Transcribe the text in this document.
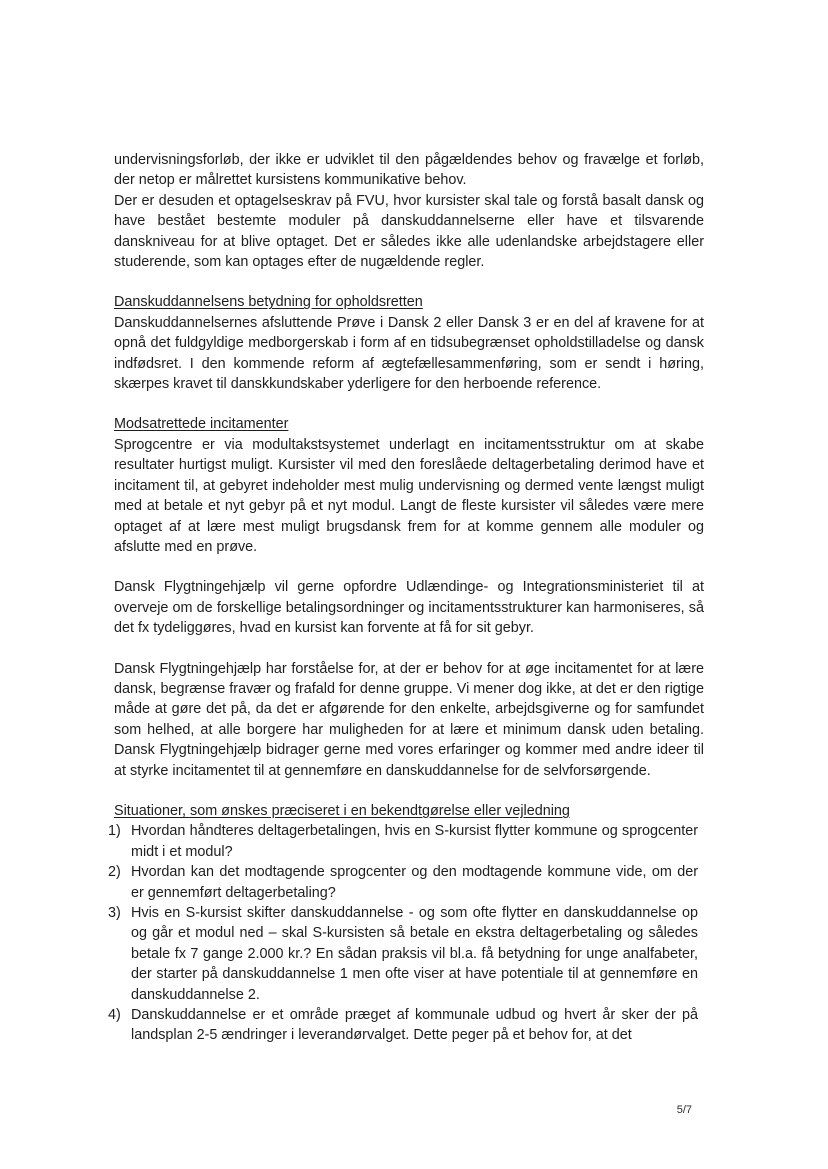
undervisningsforløb, der ikke er udviklet til den pågældendes behov og fravælge et forløb, der netop er målrettet kursistens kommunikative behov.

Der er desuden et optagelseskrav på FVU, hvor kursister skal tale og forstå basalt dansk og have bestået bestemte moduler på danskuddannelserne eller have et tilsvarende danskniveau for at blive optaget. Det er således ikke alle udenlandske arbejdstagere eller studerende, som kan optages efter de nugældende regler.

Danskuddannelsens betydning for opholdsretten

Danskuddannelsernes afsluttende Prøve i Dansk 2 eller Dansk 3 er en del af kravene for at opnå det fuldgyldige medborgerskab i form af en tidsubegrænset opholdstilladelse og dansk indfødsret. I den kommende reform af ægtefællesammenføring, som er sendt i høring, skærpes kravet til danskkundskaber yderligere for den herboende reference.

Modsatrettede incitamenter

Sprogcentre er via modultakstsystemet underlagt en incitamentsstruktur om at skabe resultater hurtigst muligt. Kursister vil med den foreslåede deltagerbetaling derimod have et incitament til, at gebyret indeholder mest mulig undervisning og dermed vente længst muligt med at betale et nyt gebyr på et nyt modul. Langt de fleste kursister vil således være mere optaget af at lære mest muligt brugsdansk frem for at komme gennem alle moduler og afslutte med en prøve.

Dansk Flygtningehjælp vil gerne opfordre Udlændinge- og Integrationsministeriet til at overveje om de forskellige betalingsordninger og incitamentsstrukturer kan harmoniseres, så det fx tydeliggøres, hvad en kursist kan forvente at få for sit gebyr.

Dansk Flygtningehjælp har forståelse for, at der er behov for at øge incitamentet for at lære dansk, begrænse fravær og frafald for denne gruppe. Vi mener dog ikke, at det er den rigtige måde at gøre det på, da det er afgørende for den enkelte, arbejdsgiverne og for samfundet som helhed, at alle borgere har muligheden for at lære et minimum dansk uden betaling. Dansk Flygtningehjælp bidrager gerne med vores erfaringer og kommer med andre ideer til at styrke incitamentet til at gennemføre en danskuddannelse for de selvforsørgende.

Situationer, som ønskes præciseret i en bekendtgørelse eller vejledning

1) Hvordan håndteres deltagerbetalingen, hvis en S-kursist flytter kommune og sprogcenter midt i et modul?
2) Hvordan kan det modtagende sprogcenter og den modtagende kommune vide, om der er gennemført deltagerbetaling?
3) Hvis en S-kursist skifter danskuddannelse - og som ofte flytter en danskuddannelse op og går et modul ned – skal S-kursisten så betale en ekstra deltagerbetaling og således betale fx 7 gange 2.000 kr.? En sådan praksis vil bl.a. få betydning for unge analfabeter, der starter på danskuddannelse 1 men ofte viser at have potentiale til at gennemføre en danskuddannelse 2.
4) Danskuddannelse er et område præget af kommunale udbud og hvert år sker der på landsplan 2-5 ændringer i leverandørvalget. Dette peger på et behov for, at det
5/7
